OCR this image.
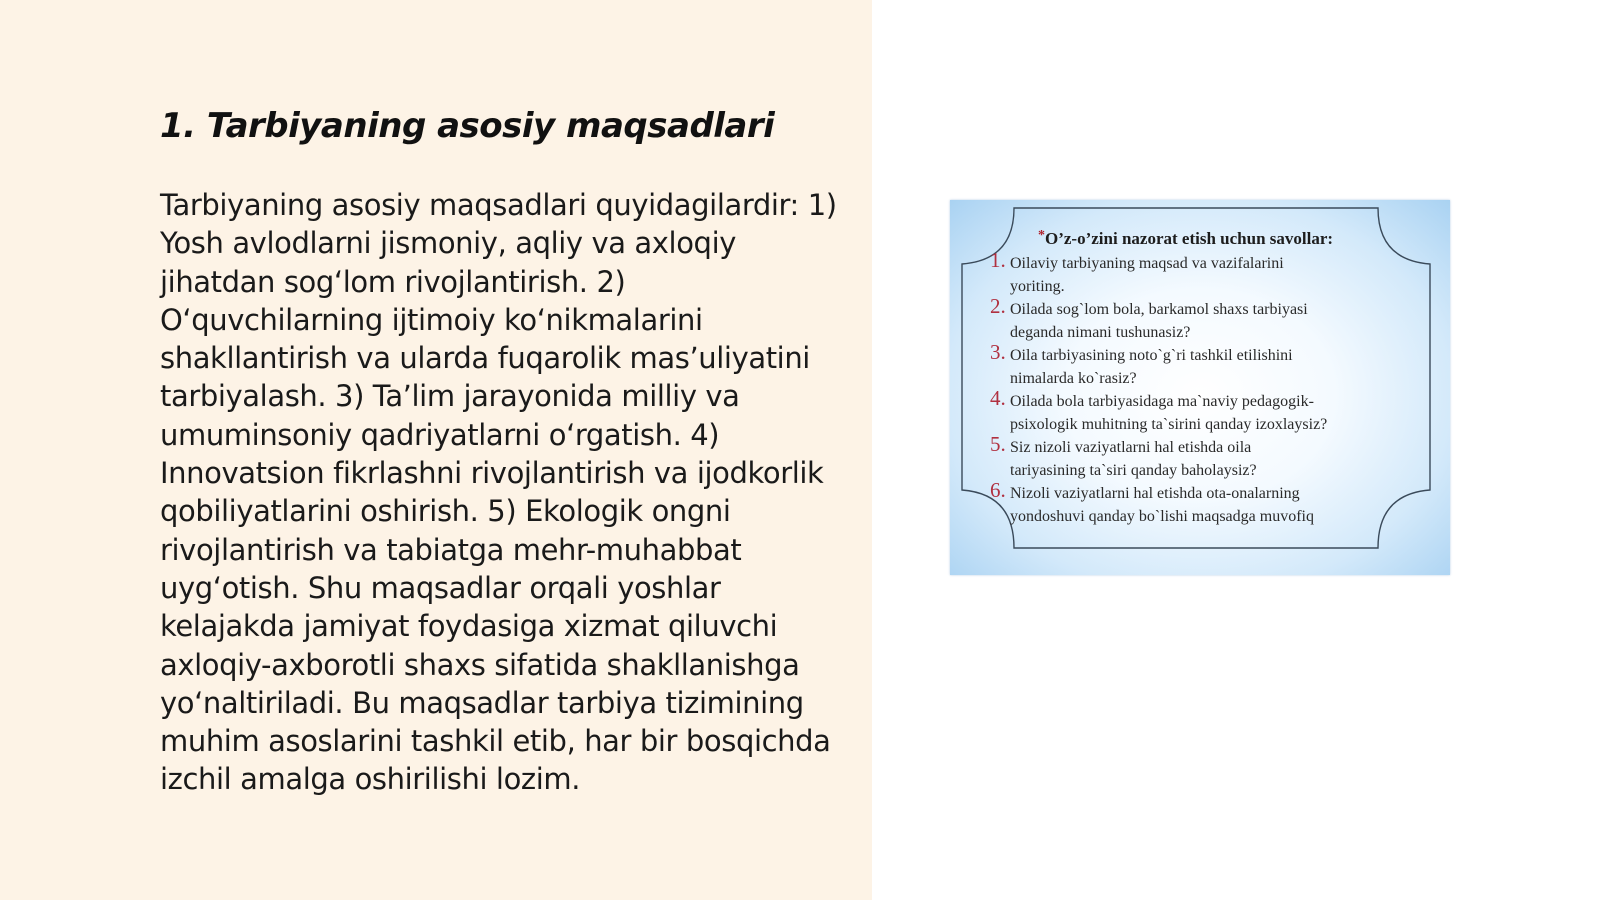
1. Tarbiyaning asosiy maqsadlari

Tarbiyaning asosiy maqsadlari quyidagilardir: 1) Yosh avlodlarni jismoniy, aqliy va axloqiy jihatdan sog‘lom rivojlantirish. 2) O‘quvchilarning ijtimoiy ko‘nikmalarini shakllantirish va ularda fuqarolik mas’uliyatini tarbiyalash. 3) Ta’lim jarayonida milliy va umuminsoniy qadriyatlarni o‘rgatish. 4) Innovatsion fikrlashni rivojlantirish va ijodkorlik qobiliyatlarini oshirish. 5) Ekologik ongni rivojlantirish va tabiatga mehr-muhabbat uyg‘otish. Shu maqsadlar orqali yoshlar kelajakda jamiyat foydasiga xizmat qiluvchi axloqiy-axborotli shaxs sifatida shakllanishga yo‘naltiriladi. Bu maqsadlar tarbiya tizimining muhim asoslarini tashkil etib, har bir bosqichda izchil amalga oshirilishi lozim.

*O’z-o’zini nazorat etish uchun savollar:

1. Oilaviy tarbiyaning maqsad va vazifalarini
yoriting.
2. Oilada sog`lom bola, barkamol shaxs tarbiyasi
deganda nimani tushunasiz?
3. Oila tarbiyasining noto`g`ri tashkil etilishini
nimalarda ko`rasiz?
4. Oilada bola tarbiyasidaga ma`naviy pedagogik-
psixologik muhitning ta`sirini qanday izoxlaysiz?
5. Siz nizoli vaziyatlarni hal etishda oila
tariyasining ta`siri qanday baholaysiz?
6. Nizoli vaziyatlarni hal etishda ota-onalarning
yondoshuvi qanday bo`lishi maqsadga muvofiq
